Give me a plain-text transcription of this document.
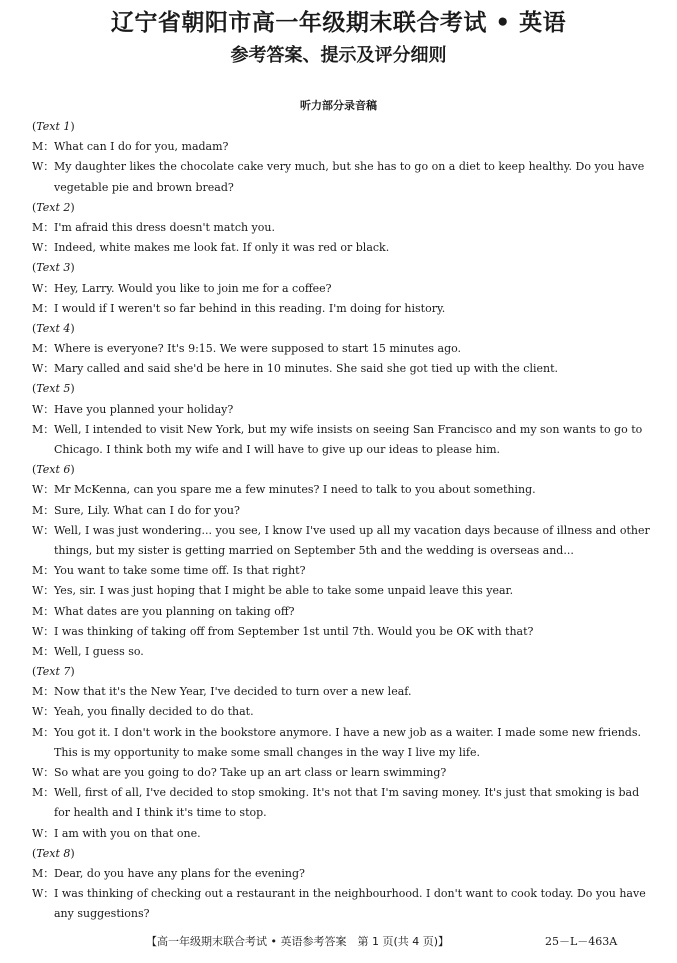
辽宁省朝阳市高一年级期末联合考试 • 英语
参考答案、提示及评分细则
听力部分录音稿
(Text 1)
M：What can I do for you, madam?
W：My daughter likes the chocolate cake very much, but she has to go on a diet to keep healthy. Do you have
vegetable pie and brown bread?
(Text 2)
M：I'm afraid this dress doesn't match you.
W：Indeed, white makes me look fat. If only it was red or black.
(Text 3)
W：Hey, Larry. Would you like to join me for a coffee?
M：I would if I weren't so far behind in this reading. I'm doing for history.
(Text 4)
M：Where is everyone? It's 9:15. We were supposed to start 15 minutes ago.
W：Mary called and said she'd be here in 10 minutes. She said she got tied up with the client.
(Text 5)
W：Have you planned your holiday?
M：Well, I intended to visit New York, but my wife insists on seeing San Francisco and my son wants to go to
Chicago. I think both my wife and I will have to give up our ideas to please him.
(Text 6)
W：Mr McKenna, can you spare me a few minutes? I need to talk to you about something.
M：Sure, Lily. What can I do for you?
W：Well, I was just wondering... you see, I know I've used up all my vacation days because of illness and other
things, but my sister is getting married on September 5th and the wedding is overseas and...
M：You want to take some time off. Is that right?
W：Yes, sir. I was just hoping that I might be able to take some unpaid leave this year.
M：What dates are you planning on taking off?
W：I was thinking of taking off from September 1st until 7th. Would you be OK with that?
M：Well, I guess so.
(Text 7)
M：Now that it's the New Year, I've decided to turn over a new leaf.
W：Yeah, you finally decided to do that.
M：You got it. I don't work in the bookstore anymore. I have a new job as a waiter. I made some new friends.
This is my opportunity to make some small changes in the way I live my life.
W：So what are you going to do? Take up an art class or learn swimming?
M：Well, first of all, I've decided to stop smoking. It's not that I'm saving money. It's just that smoking is bad
for health and I think it's time to stop.
W：I am with you on that one.
(Text 8)
M：Dear, do you have any plans for the evening?
W：I was thinking of checking out a restaurant in the neighbourhood. I don't want to cook today. Do you have
any suggestions?
【高一年级期末联合考试 • 英语参考答案　第 1 页(共 4 页)】	25－L－463A
